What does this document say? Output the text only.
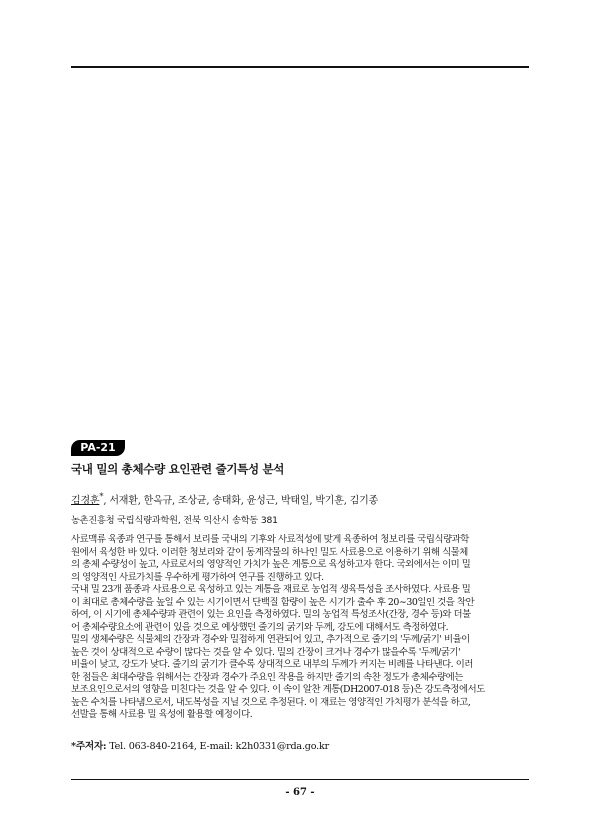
PA-21
국내 밀의 총체수량 요인관련 줄기특성 분석
김경훈*, 서재환, 한옥규, 조상균, 송태화, 윤성근, 박태일, 박기훈, 김기종
농촌진흥청 국립식량과학원, 전북 익산시 송학동 381
사료맥류 육종과 연구를 통해서 보리를 국내의 기후와 사료적성에 맞게 육종하여 청보리를 국립식량과학
원에서 육성한 바 있다. 이러한 청보리와 같이 동계작물의 하나인 밀도 사료용으로 이용하기 위해 식물체
의 총체 수량성이 높고, 사료로서의 영양적인 가치가 높은 계통으로 육성하고자 한다. 국외에서는 이미 밀
의 영양적인 사료가치를 우수하게 평가하여 연구를 진행하고 있다.
국내 밀 23개 품종과 사료용으로 육성하고 있는 계통을 재료로 농업적 생육특성을 조사하였다. 사료용 밀
이 최대로 총체수량을 높일 수 있는 시기이면서 단백질 함량이 높은 시기가 출수 후 20∼30일인 것을 착안
하여, 이 시기에 총체수량과 관련이 있는 요인을 측정하였다. 밀의 농업적 특성조사(간장, 경수 등)와 더불
어 총체수량요소에 관련이 있을 것으로 예상했던 줄기의 굵기와 두께, 강도에 대해서도 측정하였다.
밀의 생체수량은 식물체의 간장과 경수와 밀접하게 연관되어 있고, 추가적으로 줄기의 '두께/굵기' 비율이
높은 것이 상대적으로 수량이 많다는 것을 알 수 있다. 밀의 간장이 크거나 경수가 많을수록 '두께/굵기'
비율이 낮고, 강도가 낮다. 줄기의 굵기가 클수록 상대적으로 내부의 두께가 커지는 비례를 나타낸다. 이러
한 점들은 최대수량을 위해서는 간장과 경수가 주요인 작용을 하지만 줄기의 속찬 정도가 총체수량에는
보조요인으로서의 영향을 미친다는 것을 알 수 있다. 이 속이 알찬 계통(DH2007-018 등)은 강도측정에서도
높은 수치를 나타냄으로서, 내도복성을 지닐 것으로 추정된다. 이 재료는 영양적인 가치평가 분석을 하고,
선발을 통해 사료용 밀 육성에 활용할 예정이다.
*주저자: Tel. 063-840-2164, E-mail: k2h0331@rda.go.kr
- 67 -
